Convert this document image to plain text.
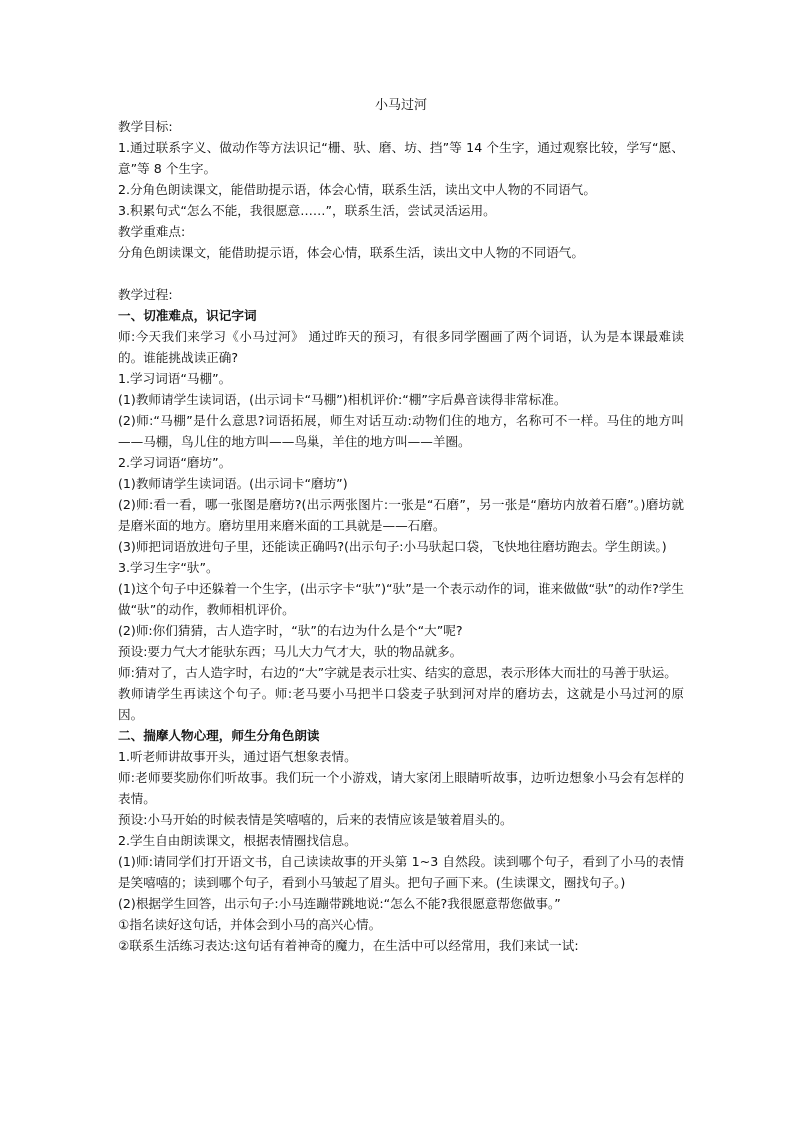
小马过河
教学目标:
1.通过联系字义、做动作等方法识记“栅、驮、磨、坊、挡”等 14 个生字，通过观察比较，学写“愿、意”等 8 个生字。
2.分角色朗读课文，能借助提示语，体会心情，联系生活，读出文中人物的不同语气。
3.积累句式“怎么不能，我很愿意……”，联系生活，尝试灵活运用。
教学重难点:
分角色朗读课文，能借助提示语，体会心情，联系生活，读出文中人物的不同语气。
教学过程:
一、切准难点，识记字词
师:今天我们来学习《小马过河》 通过昨天的预习，有很多同学圈画了两个词语，认为是本课最难读的。谁能挑战读正确?
1.学习词语“马棚”。
(1)教师请学生读词语，(出示词卡“马棚”)相机评价:“棚”字后鼻音读得非常标准。
(2)师:“马棚”是什么意思?词语拓展，师生对话互动:动物们住的地方，名称可不一样。马住的地方叫——马棚，鸟儿住的地方叫——鸟巢，羊住的地方叫——羊圈。
2.学习词语“磨坊”。
(1)教师请学生读词语。(出示词卡“磨坊”)
(2)师:看一看，哪一张图是磨坊?(出示两张图片:一张是“石磨”，另一张是“磨坊内放着石磨”。)磨坊就是磨米面的地方。磨坊里用来磨米面的工具就是——石磨。
(3)师把词语放进句子里，还能读正确吗?(出示句子:小马驮起口袋，飞快地往磨坊跑去。学生朗读。)
3.学习生字“驮”。
(1)这个句子中还躲着一个生字，(出示字卡“驮”)“驮”是一个表示动作的词，谁来做做“驮”的动作?学生做“驮”的动作，教师相机评价。
(2)师:你们猜猜，古人造字时，“驮”的右边为什么是个“大”呢?
预设:要力气大才能驮东西；马儿大力气才大，驮的物品就多。
师:猜对了，古人造字时，右边的“大”字就是表示壮实、结实的意思，表示形体大而壮的马善于驮运。
教师请学生再读这个句子。师:老马要小马把半口袋麦子驮到河对岸的磨坊去，这就是小马过河的原因。
二、揣摩人物心理，师生分角色朗读
1.听老师讲故事开头，通过语气想象表情。
师:老师要奖励你们听故事。我们玩一个小游戏，请大家闭上眼睛听故事，边听边想象小马会有怎样的表情。
预设:小马开始的时候表情是笑嘻嘻的，后来的表情应该是皱着眉头的。
2.学生自由朗读课文，根据表情圈找信息。
(1)师:请同学们打开语文书，自己读读故事的开头第 1~3 自然段。读到哪个句子，看到了小马的表情是笑嘻嘻的；读到哪个句子，看到小马皱起了眉头。把句子画下来。(生读课文，圈找句子。)
(2)根据学生回答，出示句子:小马连蹦带跳地说:“怎么不能?我很愿意帮您做事。”
①指名读好这句话，并体会到小马的高兴心情。
②联系生活练习表达:这句话有着神奇的魔力，在生活中可以经常用，我们来试一试:
